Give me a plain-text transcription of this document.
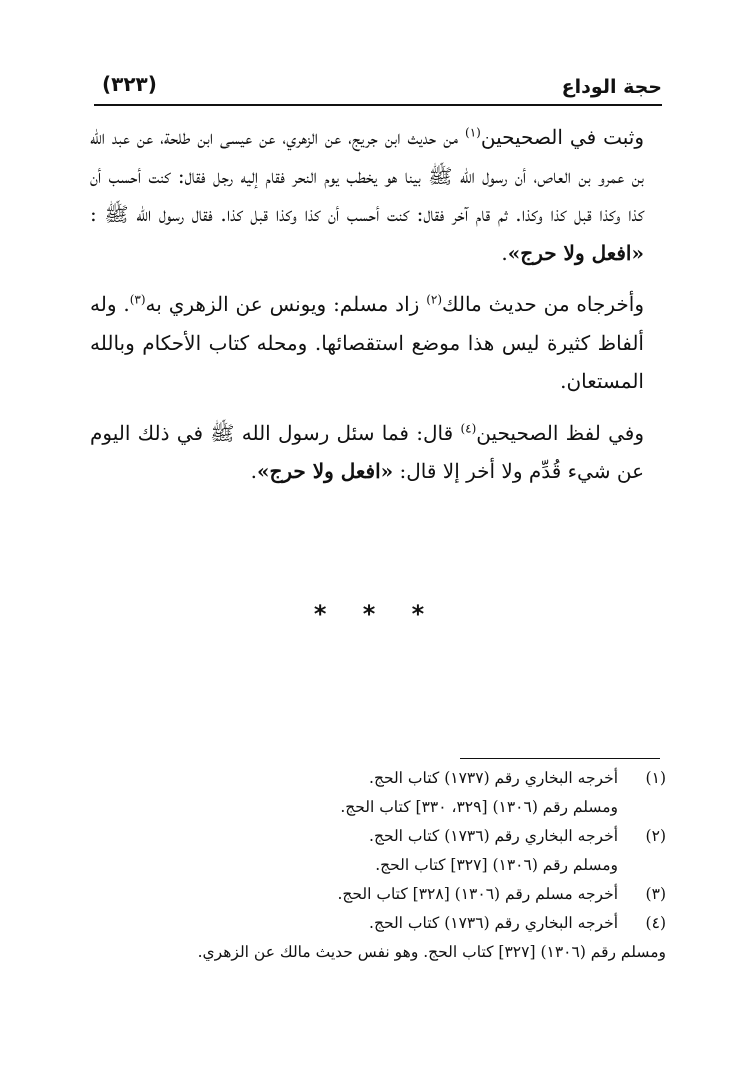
حجة الوداع
(٣٢٣)

وثبت في الصحيحين$^{(١)}$ من حديث ابن جريج، عن الزهري، عن عيسى ابن طلحة، عن عبد الله بن عمرو بن العاص، أن رسول الله ﷺ بينا هو يخطب يوم النحر فقام إليه رجل فقال: كنت أحسب أن كذا وكذا قبل كذا وكذا. ثم قام آخر فقال: كنت أحسب أن كذا وكذا قبل كذا. فقال رسول الله ﷺ : «افعل ولا حرج».

وأخرجاه من حديث مالك$^{(٢)}$ زاد مسلم: ويونس عن الزهري به$^{(٣)}$. وله ألفاظ كثيرة ليس هذا موضع استقصائها. ومحله كتاب الأحكام وبالله المستعان.

وفي لفظ الصحيحين$^{(٤)}$ قال: فما سئل رسول الله ﷺ في ذلك اليوم عن شيء قُدِّم ولا أخر إلا قال: «افعل ولا حرج».

* * *
(١)
أخرجه البخاري رقم (١٧٣٧) كتاب الحج.
ومسلم رقم (١٣٠٦) [٣٢٩، ٣٣٠] كتاب الحج.
(٢)
أخرجه البخاري رقم (١٧٣٦) كتاب الحج.
ومسلم رقم (١٣٠٦) [٣٢٧] كتاب الحج.
(٣)
أخرجه مسلم رقم (١٣٠٦) [٣٢٨] كتاب الحج.
(٤)
أخرجه البخاري رقم (١٧٣٦) كتاب الحج.
ومسلم رقم (١٣٠٦) [٣٢٧] كتاب الحج. وهو نفس حديث مالك عن الزهري.
